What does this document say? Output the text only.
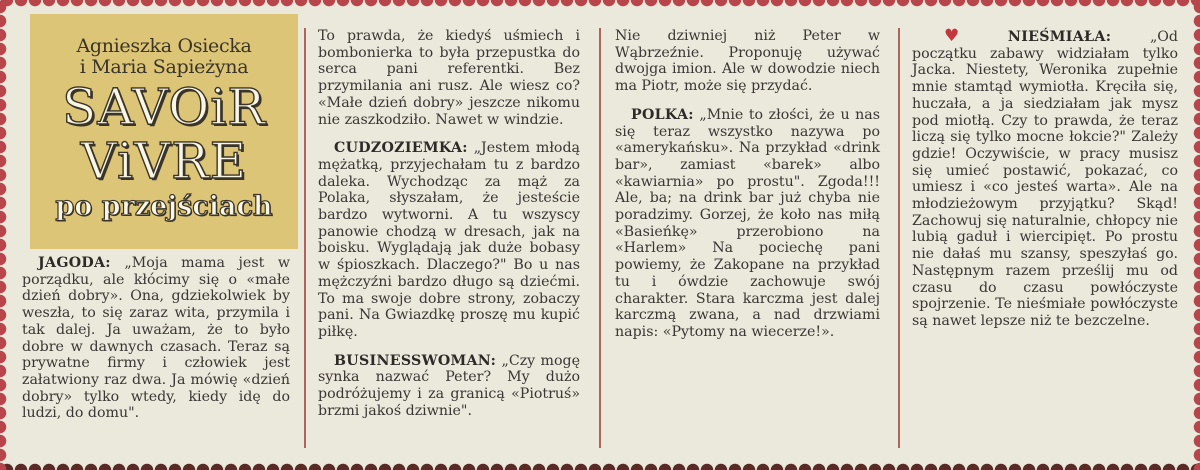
Agnieszka Osiecka
i Maria Sapieżyna
SAVOiR
ViVRE
po przejściach

JAGODA: „Moja mama jest w porządku, ale kłócimy się o «małe dzień dobry». Ona, gdziekolwiek by weszła, to się zaraz wita, przymila i tak dalej. Ja uważam, że to było dobre w dawnych czasach. Teraz są prywatne firmy i człowiek jest załatwiony raz dwa. Ja mówię «dzień dobry» tylko wtedy, kiedy idę do ludzi, do domu".

To prawda, że kiedyś uśmiech i bombonierka to była przepustka do serca pani referentki. Bez przymilania ani rusz. Ale wiesz co? «Małe dzień dobry» jeszcze nikomu nie zaszkodziło. Nawet w windzie.

CUDZOZIEMKA: „Jestem młodą mężatką, przyjechałam tu z bardzo daleka. Wychodząc za mąż za Polaka, słyszałam, że jesteście bardzo wytworni. A tu wszyscy panowie chodzą w dresach, jak na boisku. Wyglądają jak duże bobasy w śpioszkach. Dlaczego?" Bo u nas mężczyźni bardzo długo są dziećmi. To ma swoje dobre strony, zobaczy pani. Na Gwiazdkę proszę mu kupić piłkę.

BUSINESSWOMAN: „Czy mogę synka nazwać Peter? My dużo podróżujemy i za granicą «Piotruś» brzmi jakoś dziwnie".

Nie dziwniej niż Peter w Wąbrzeźnie. Proponuję używać dwojga imion. Ale w dowodzie niech ma Piotr, może się przydać.

POLKA: „Mnie to złości, że u nas się teraz wszystko nazywa po «amerykańsku». Na przykład «drink bar», zamiast «barek» albo «kawiarnia» po prostu". Zgoda!!! Ale, ba; na drink bar już chyba nie poradzimy. Gorzej, że koło nas miłą «Basieńkę» przerobiono na «Harlem» Na pociechę pani powiemy, że Zakopane na przykład tu i ówdzie zachowuje swój charakter. Stara karczma jest dalej karczmą zwana, a nad drzwiami napis: «Pytomy na wiecerze!».

♥	NIEŚMIAŁA:	„Od początku zabawy widziałam tylko Jacka. Niestety, Weronika zupełnie mnie stamtąd wymiotła. Kręciła się, huczała, a ja siedziałam jak mysz pod miotłą. Czy to prawda, że teraz liczą się tylko mocne łokcie?" Zależy gdzie! Oczywiście, w pracy musisz się umieć postawić, pokazać, co umiesz i «co jesteś warta». Ale na młodzieżowym przyjątku? Skąd! Zachowuj się naturalnie, chłopcy nie lubią gaduł i wiercipięt. Po prostu nie dałaś mu szansy, speszyłaś go. Następnym razem prześlij mu od czasu do czasu powłóczyste spojrzenie. Te nieśmiałe powłóczyste są nawet lepsze niż te bezczelne.
